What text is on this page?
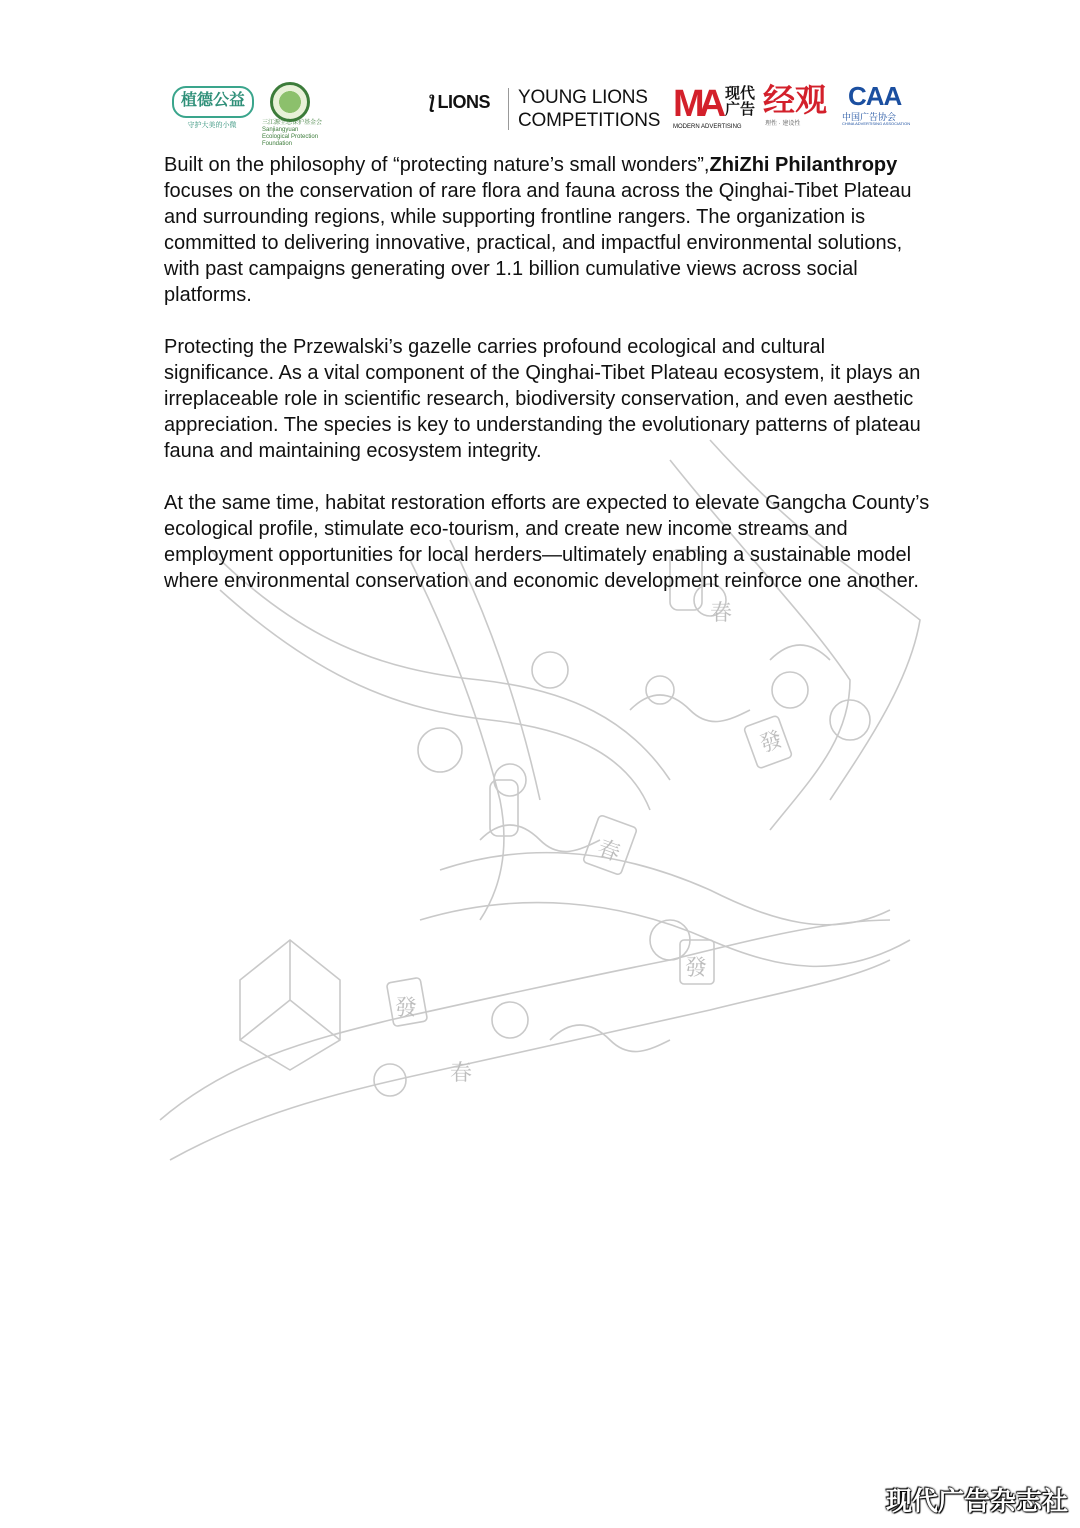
發
發
發
春
春
春
植德公益
守护大美的小微	三江源生态保护基金会 Sanjiangyuan Ecological Protection Foundation
ƪ LIONS YOUNG LIONS
COMPETITIONS MA 现代广告
MODERN ADVERTISING
经观
理性 · 建设性
CAA
中国广告协会
CHINA ADVERTISING ASSOCIATION

Built on the philosophy of “protecting nature’s small wonders”,ZhiZhi Philanthropy focuses on the conservation of rare flora and fauna across the Qinghai-Tibet Plateau and surrounding regions, while supporting frontline rangers. The organization is committed to delivering innovative, practical, and impactful environmental solutions, with past campaigns generating over 1.1 billion cumulative views across social platforms.

Protecting the Przewalski’s gazelle carries profound ecological and cultural significance. As a vital component of the Qinghai-Tibet Plateau ecosystem, it plays an irreplaceable role in scientific research, biodiversity conservation, and even aesthetic appreciation. The species is key to understanding the evolutionary patterns of plateau fauna and maintaining ecosystem integrity.

At the same time, habitat restoration efforts are expected to elevate Gangcha County’s ecological profile, stimulate eco-tourism, and create new income streams and employment opportunities for local herders—ultimately enabling a sustainable model where environmental conservation and economic development reinforce one another.

现代广告杂志社
